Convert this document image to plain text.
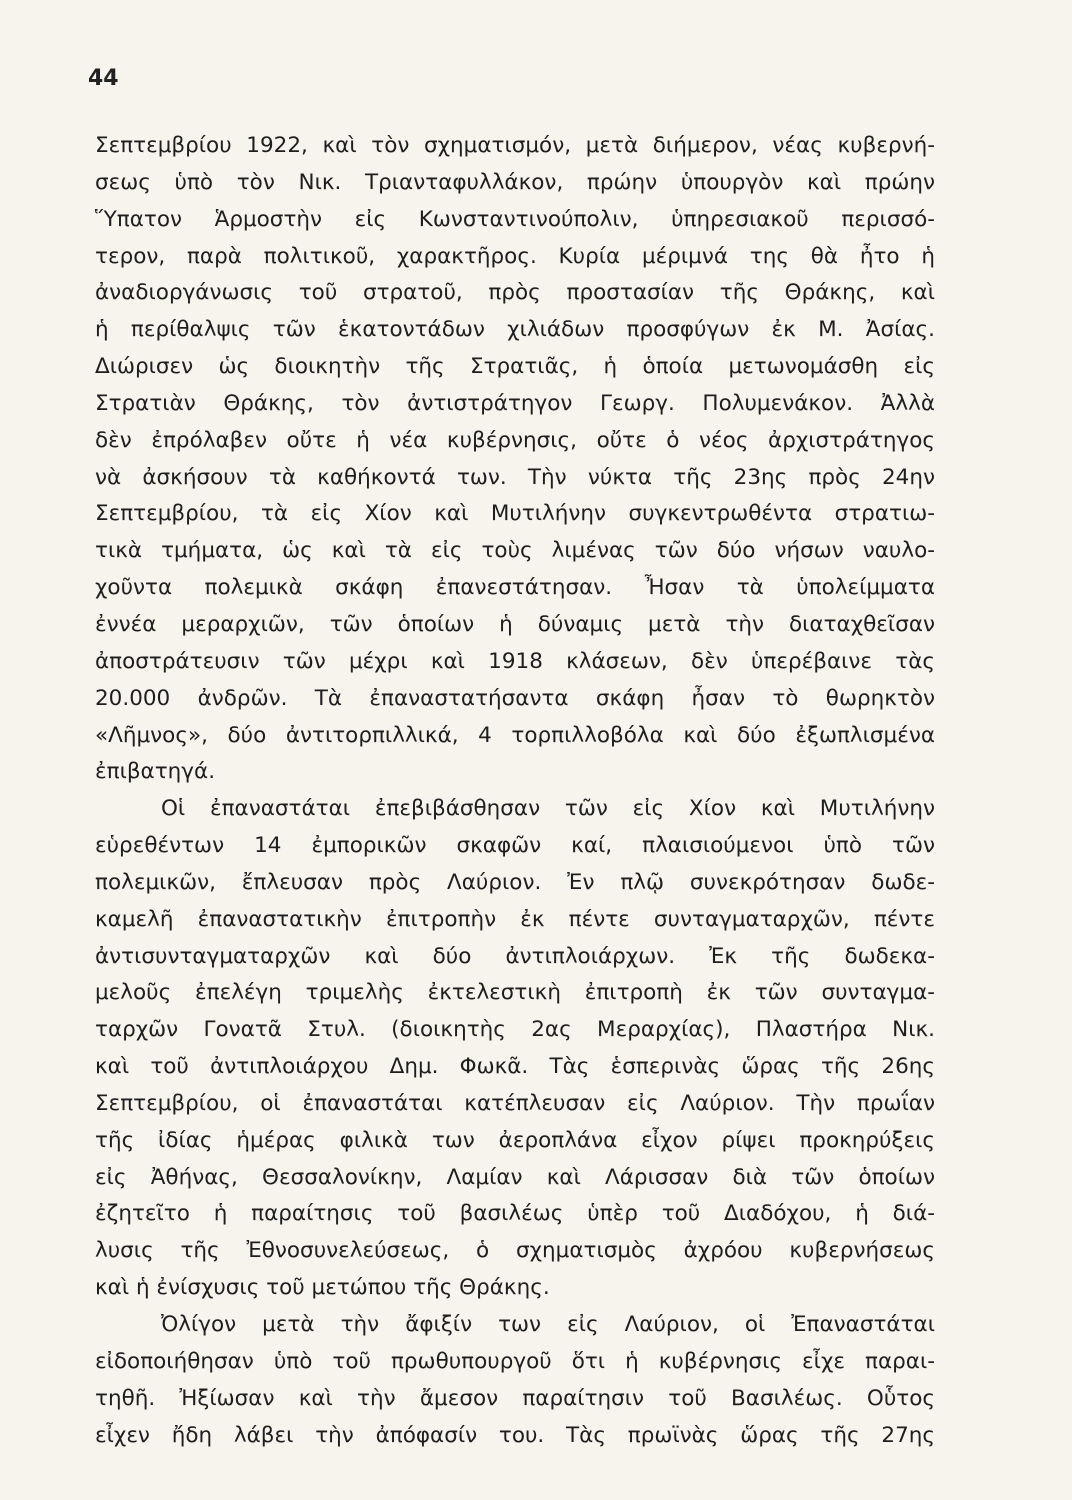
44
Σεπτεμβρίου 1922, καὶ τὸν σχηματισμόν, μετὰ διήμερον, νέας κυβερνή-
σεως ὑπὸ τὸν Νικ. Τριανταφυλλάκον, πρώην ὑπουργὸν καὶ πρώην
Ὕπατον Ἁρμοστὴν εἰς Κωνσταντινούπολιν, ὑπηρεσιακοῦ περισσό-
τερον, παρὰ πολιτικοῦ, χαρακτῆρος. Κυρία μέριμνά της θὰ ἦτο ἡ
ἀναδιοργάνωσις τοῦ στρατοῦ, πρὸς προστασίαν τῆς Θράκης, καὶ
ἡ περίθαλψις τῶν ἑκατοντάδων χιλιάδων προσφύγων ἐκ Μ. Ἀσίας.
Διώρισεν ὡς διοικητὴν τῆς Στρατιᾶς, ἡ ὁποία μετωνομάσθη εἰς
Στρατιὰν Θράκης, τὸν ἀντιστράτηγον Γεωργ. Πολυμενάκον. Ἀλλὰ
δὲν ἐπρόλαβεν οὔτε ἡ νέα κυβέρνησις, οὔτε ὁ νέος ἀρχιστράτηγος
νὰ ἀσκήσουν τὰ καθήκοντά των. Τὴν νύκτα τῆς 23ης πρὸς 24ην
Σεπτεμβρίου, τὰ εἰς Χίον καὶ Μυτιλήνην συγκεντρωθέντα στρατιω-
τικὰ τμήματα, ὡς καὶ τὰ εἰς τοὺς λιμένας τῶν δύο νήσων ναυλο-
χοῦντα πολεμικὰ σκάφη ἐπανεστάτησαν. Ἦσαν τὰ ὑπολείμματα
ἐννέα μεραρχιῶν, τῶν ὁποίων ἡ δύναμις μετὰ τὴν διαταχθεῖσαν
ἀποστράτευσιν τῶν μέχρι καὶ 1918 κλάσεων, δὲν ὑπερέβαινε τὰς
20.000 ἀνδρῶν. Τὰ ἐπαναστατήσαντα σκάφη ἦσαν τὸ θωρηκτὸν
«Λῆμνος», δύο ἀντιτορπιλλικά, 4 τορπιλλοβόλα καὶ δύο ἐξωπλισμένα
ἐπιβατηγά.
Οἱ ἐπαναστάται ἐπεβιβάσθησαν τῶν εἰς Χίον καὶ Μυτιλήνην
εὑρεθέντων 14 ἐμπορικῶν σκαφῶν καί, πλαισιούμενοι ὑπὸ τῶν
πολεμικῶν, ἔπλευσαν πρὸς Λαύριον. Ἐν πλῷ συνεκρότησαν δωδε-
καμελῆ ἐπαναστατικὴν ἐπιτροπὴν ἐκ πέντε συνταγματαρχῶν, πέντε
ἀντισυνταγματαρχῶν καὶ δύο ἀντιπλοιάρχων. Ἐκ τῆς δωδεκα-
μελοῦς ἐπελέγη τριμελὴς ἐκτελεστικὴ ἐπιτροπὴ ἐκ τῶν συνταγμα-
ταρχῶν Γονατᾶ Στυλ. (διοικητὴς 2ας Μεραρχίας), Πλαστήρα Νικ.
καὶ τοῦ ἀντιπλοιάρχου Δημ. Φωκᾶ. Τὰς ἑσπερινὰς ὥρας τῆς 26ης
Σεπτεμβρίου, οἱ ἐπαναστάται κατέπλευσαν εἰς Λαύριον. Τὴν πρωΐαν
τῆς ἰδίας ἡμέρας φιλικὰ των ἀεροπλάνα εἶχον ρίψει προκηρύξεις
εἰς Ἀθήνας, Θεσσαλονίκην, Λαμίαν καὶ Λάρισσαν διὰ τῶν ὁποίων
ἐζητεῖτο ἡ παραίτησις τοῦ βασιλέως ὑπὲρ τοῦ Διαδόχου, ἡ διά-
λυσις τῆς Ἐθνοσυνελεύσεως, ὁ σχηματισμὸς ἀχρόου κυβερνήσεως
καὶ ἡ ἐνίσχυσις τοῦ μετώπου τῆς Θράκης.
Ὀλίγον μετὰ τὴν ἄφιξίν των εἰς Λαύριον, οἱ Ἐπαναστάται
εἰδοποιήθησαν ὑπὸ τοῦ πρωθυπουργοῦ ὅτι ἡ κυβέρνησις εἶχε παραι-
τηθῆ. Ἠξίωσαν καὶ τὴν ἄμεσον παραίτησιν τοῦ Βασιλέως. Οὗτος
εἶχεν ἤδη λάβει τὴν ἀπόφασίν του. Τὰς πρωϊνὰς ὥρας τῆς 27ης
